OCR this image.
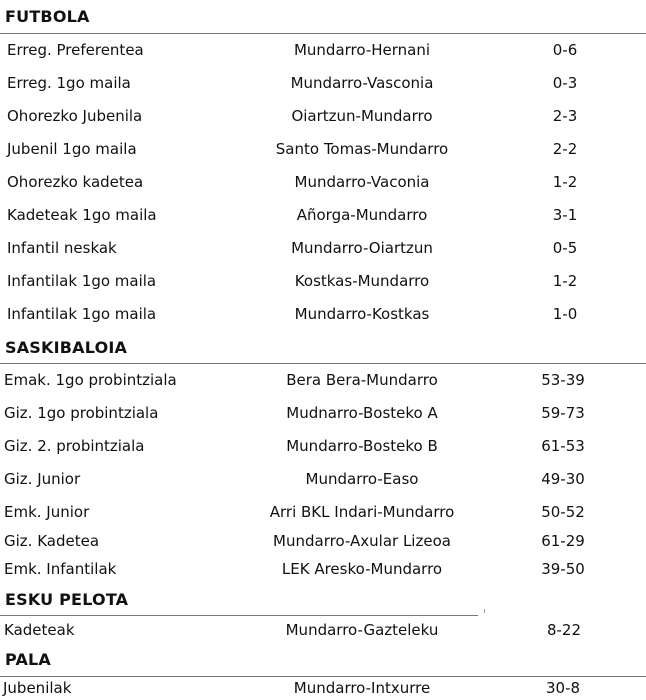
FUTBOLA
Erreg. Preferentea	Mundarro-Hernani	0-6
Erreg. 1go maila	Mundarro-Vasconia	0-3
Ohorezko Jubenila	Oiartzun-Mundarro	2-3
Jubenil 1go maila	Santo Tomas-Mundarro	2-2
Ohorezko kadetea	Mundarro-Vaconia	1-2
Kadeteak 1go maila	Añorga-Mundarro	3-1
Infantil neskak	Mundarro-Oiartzun	0-5
Infantilak 1go maila	Kostkas-Mundarro	1-2
Infantilak 1go maila	Mundarro-Kostkas	1-0
SASKIBALOIA
Emak. 1go probintziala	Bera Bera-Mundarro	53-39
Giz. 1go probintziala	Mudnarro-Bosteko A	59-73
Giz. 2. probintziala	Mundarro-Bosteko B	61-53
Giz. Junior	Mundarro-Easo	49-30
Emk. Junior	Arri BKL Indari-Mundarro	50-52
Giz. Kadetea	Mundarro-Axular Lizeoa	61-29
Emk. Infantilak	LEK Aresko-Mundarro	39-50
ESKU PELOTA
Kadeteak	Mundarro-Gazteleku	8-22
PALA
Jubenilak	Mundarro-Intxurre	30-8
